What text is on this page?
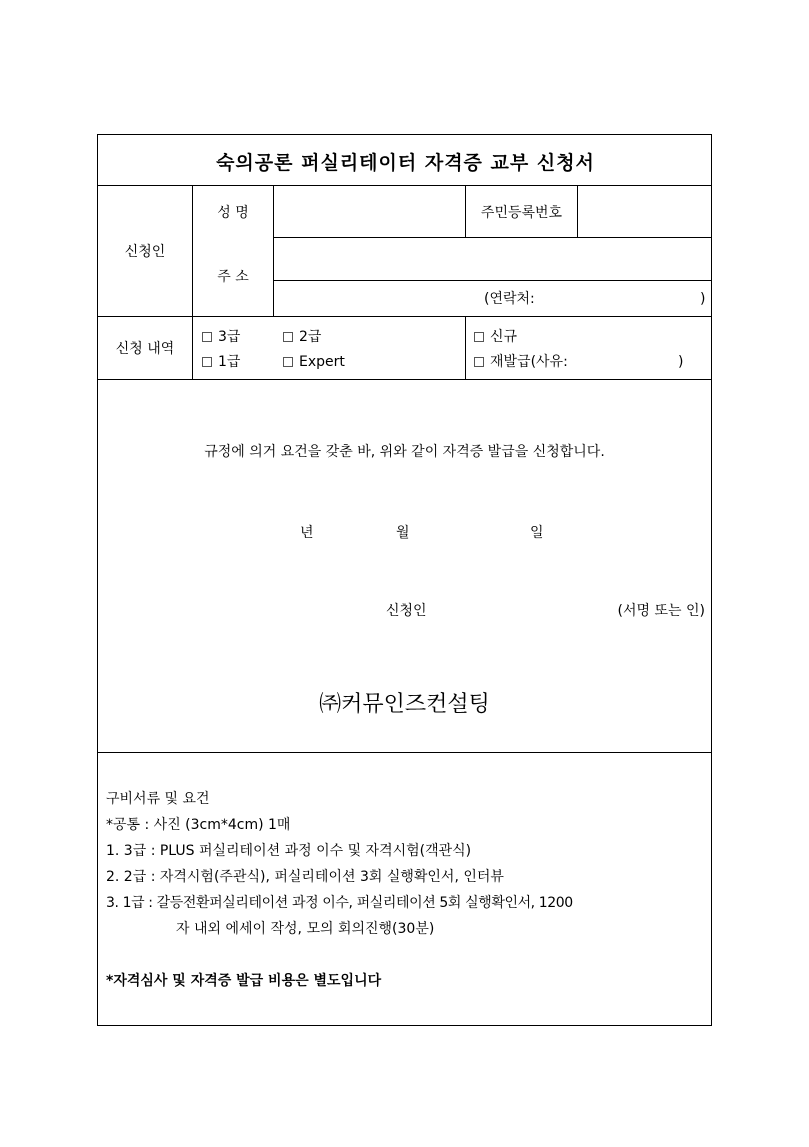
숙의공론 퍼실리테이터 자격증 교부 신청서
신청인
성 명	주민등록번호
주 소
(연락처:	)
신청 내역
3급	2급
1급	Expert
신규
재발급(사유:	)
규정에 의거 요건을 갖춘 바, 위와 같이 자격증 발급을 신청합니다.
년	월	일
신청인	(서명 또는 인)
㈜커뮤인즈컨설팅
구비서류 및 요건
*공통 : 사진 (3cm*4cm) 1매
1. 3급 : PLUS 퍼실리테이션 과정 이수 및 자격시험(객관식)
2. 2급 : 자격시험(주관식), 퍼실리테이션 3회 실행확인서, 인터뷰
3. 1급 : 갈등전환퍼실리테이션 과정 이수, 퍼실리테이션 5회 실행확인서, 1200
자 내외 에세이 작성, 모의 회의진행(30분)
*자격심사 및 자격증 발급 비용은 별도입니다
